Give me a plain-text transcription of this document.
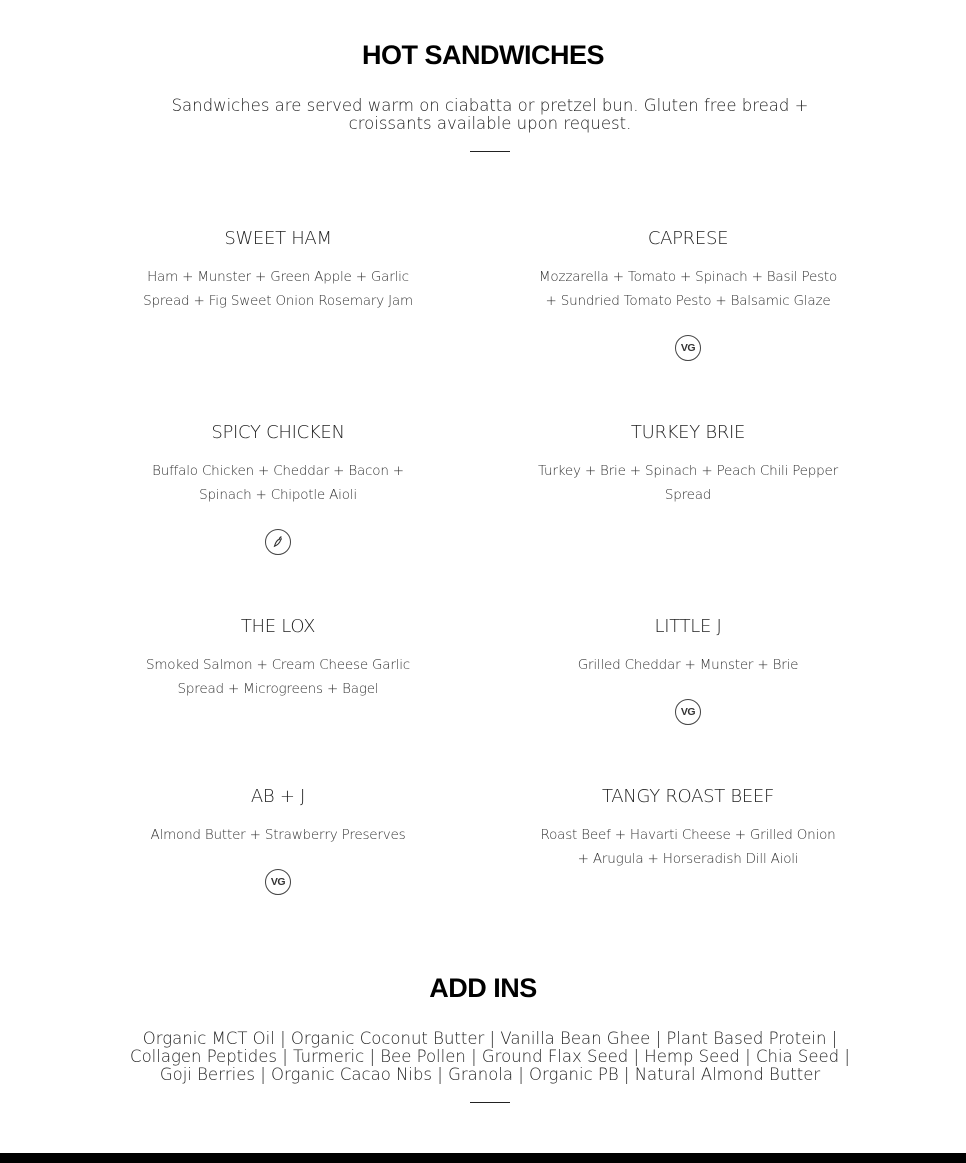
HOT SANDWICHES

Sandwiches are served warm on ciabatta or pretzel bun. Gluten free bread + croissants available upon request.

SWEET HAM

Ham + Munster + Green Apple + Garlic Spread + Fig Sweet Onion Rosemary Jam

CAPRESE

Mozzarella + Tomato + Spinach + Basil Pesto + Sundried Tomato Pesto + Balsamic Glaze

VG
SPICY CHICKEN

Buffalo Chicken + Cheddar + Bacon + Spinach + Chipotle Aioli

TURKEY BRIE

Turkey + Brie + Spinach + Peach Chili Pepper Spread

THE LOX

Smoked Salmon + Cream Cheese Garlic Spread + Microgreens + Bagel

LITTLE J

Grilled Cheddar + Munster + Brie

VG
AB + J

Almond Butter + Strawberry Preserves

VG
TANGY ROAST BEEF

Roast Beef + Havarti Cheese + Grilled Onion + Arugula + Horseradish Dill Aioli

ADD INS

Organic MCT Oil | Organic Coconut Butter | Vanilla Bean Ghee | Plant Based Protein | Collagen Peptides | Turmeric | Bee Pollen | Ground Flax Seed | Hemp Seed | Chia Seed | Goji Berries | Organic Cacao Nibs | Granola | Organic PB | Natural Almond Butter
